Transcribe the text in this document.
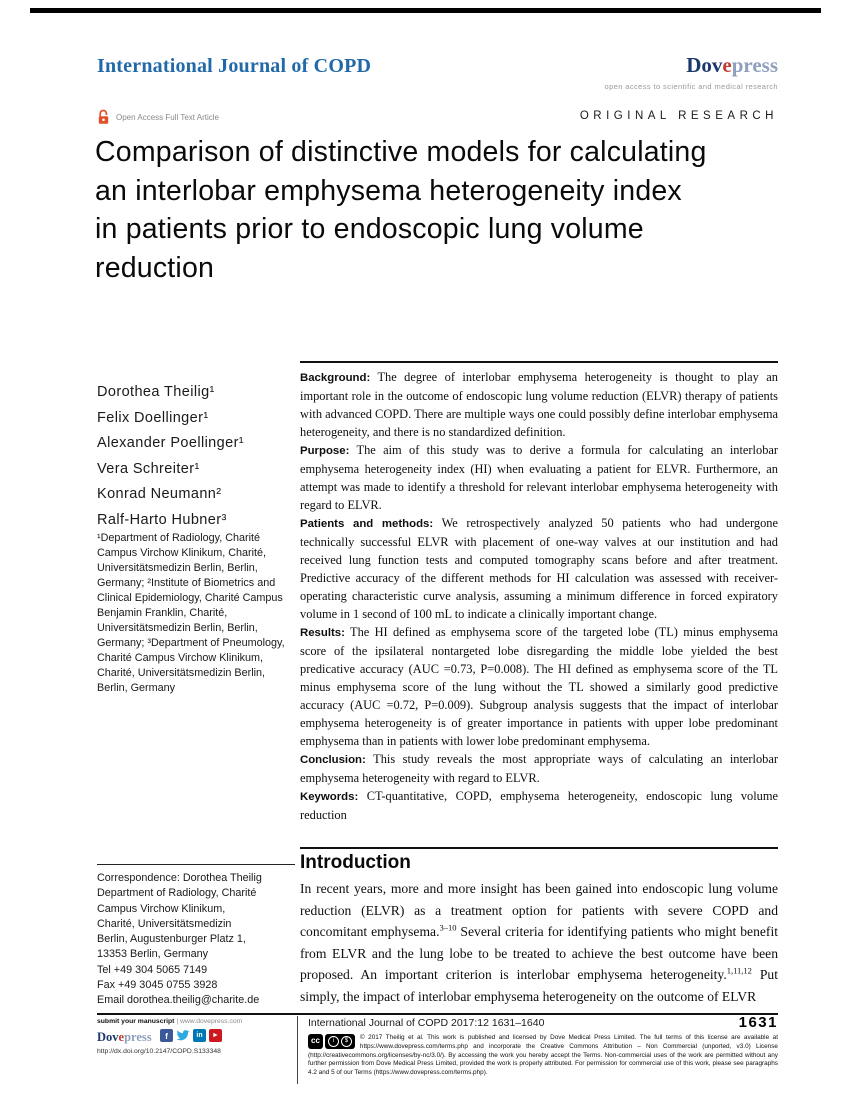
International Journal of COPD	Dovepress
open access to scientific and medical research
Open Access Full Text Article	ORIGINAL RESEARCH
Comparison of distinctive models for calculating
an interlobar emphysema heterogeneity index
in patients prior to endoscopic lung volume
reduction
Dorothea Theilig¹
Felix Doellinger¹
Alexander Poellinger¹
Vera Schreiter¹
Konrad Neumann²
Ralf-Harto Hubner³
¹Department of Radiology, Charité Campus Virchow Klinikum, Charité, Universitätsmedizin Berlin, Berlin, Germany; ²Institute of Biometrics and Clinical Epidemiology, Charité Campus Benjamin Franklin, Charité, Universitätsmedizin Berlin, Berlin, Germany; ³Department of Pneumology, Charité Campus Virchow Klinikum, Charité, Universitätsmedizin Berlin, Berlin, Germany
Correspondence: Dorothea Theilig
Department of Radiology, Charité
Campus Virchow Klinikum,
Charité, Universitätsmedizin
Berlin, Augustenburger Platz 1,
13353 Berlin, Germany
Tel +49 304 5065 7149
Fax +49 3045 0755 3928
Email dorothea.theilig@charite.de

Background: The degree of interlobar emphysema heterogeneity is thought to play an important role in the outcome of endoscopic lung volume reduction (ELVR) therapy of patients with advanced COPD. There are multiple ways one could possibly define interlobar emphysema heterogeneity, and there is no standardized definition.

Purpose: The aim of this study was to derive a formula for calculating an interlobar emphysema heterogeneity index (HI) when evaluating a patient for ELVR. Furthermore, an attempt was made to identify a threshold for relevant interlobar emphysema heterogeneity with regard to ELVR.

Patients and methods: We retrospectively analyzed 50 patients who had undergone technically successful ELVR with placement of one-way valves at our institution and had received lung function tests and computed tomography scans before and after treatment. Predictive accuracy of the different methods for HI calculation was assessed with receiver-operating characteristic curve analysis, assuming a minimum difference in forced expiratory volume in 1 second of 100 mL to indicate a clinically important change.

Results: The HI defined as emphysema score of the targeted lobe (TL) minus emphysema score of the ipsilateral nontargeted lobe disregarding the middle lobe yielded the best predicative accuracy (AUC =0.73, P=0.008). The HI defined as emphysema score of the TL minus emphysema score of the lung without the TL showed a similarly good predictive accuracy (AUC =0.72, P=0.009). Subgroup analysis suggests that the impact of interlobar emphysema heterogeneity is of greater importance in patients with upper lobe predominant emphysema than in patients with lower lobe predominant emphysema.

Conclusion: This study reveals the most appropriate ways of calculating an interlobar emphysema heterogeneity with regard to ELVR.

Keywords: CT-quantitative, COPD, emphysema heterogeneity, endoscopic lung volume reduction

Introduction
In recent years, more and more insight has been gained into endoscopic lung volume reduction (ELVR) as a treatment option for patients with severe COPD and concomitant emphysema.$^{3-10}$ Several criteria for identifying patients who might benefit from ELVR and the lung lobe to be treated to achieve the best outcome have been proposed. An important criterion is interlobar emphysema heterogeneity.$^{1,11,12}$ Put simply, the impact of interlobar emphysema heterogeneity on the outcome of ELVR
submit your manuscript | www.dovepress.com
Dovepress	f	in	►
http://dx.doi.org/10.2147/COPD.S133348
International Journal of COPD 2017:12 1631–1640	1631
cc	i	$
© 2017 Theilig et al. This work is published and licensed by Dove Medical Press Limited. The full terms of this license are available at https://www.dovepress.com/terms.php and incorporate the Creative Commons Attribution – Non Commercial (unported, v3.0) License (http://creativecommons.org/licenses/by-nc/3.0/). By accessing the work you hereby accept the Terms. Non-commercial uses of the work are permitted without any further permission from Dove Medical Press Limited, provided the work is properly attributed. For permission for commercial use of this work, please see paragraphs 4.2 and 5 of our Terms (https://www.dovepress.com/terms.php).
